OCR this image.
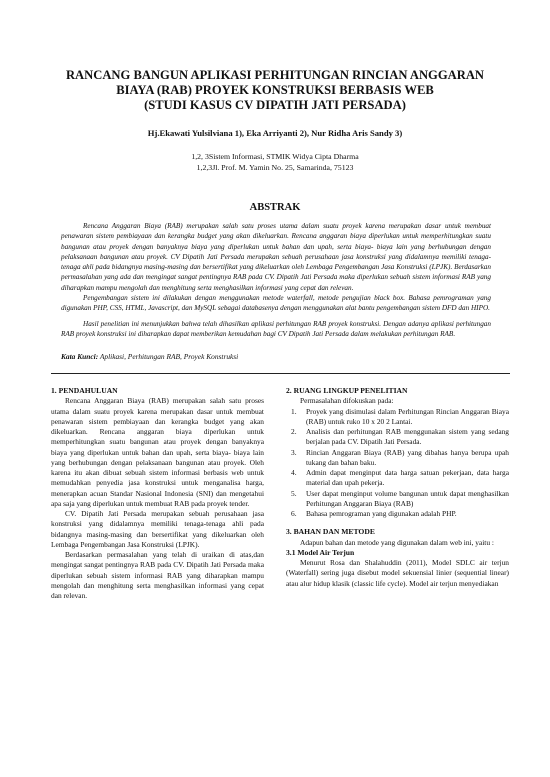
RANCANG BANGUN APLIKASI PERHITUNGAN RINCIAN ANGGARAN
BIAYA (RAB) PROYEK KONSTRUKSI BERBASIS WEB
(STUDI KASUS CV DIPATIH JATI PERSADA)
Hj.Ekawati Yulsilviana 1), Eka Arriyanti 2), Nur Ridha Aris Sandy 3)
1,2, 3Sistem Informasi, STMIK Widya Cipta Dharma
1,2,3Jl. Prof. M. Yamin No. 25, Samarinda, 75123
ABSTRAK

Rencana Anggaran Biaya (RAB) merupakan salah satu proses utama dalam suatu proyek karena merupakan dasar untuk membuat penawaran sistem pembiayaan dan kerangka budget yang akan dikeluarkan. Rencana anggaran biaya diperlukan untuk memperhitungkan suatu bangunan atau proyek dengan banyaknya biaya yang diperlukan untuk bahan dan upah, serta biaya- biaya lain yang berhubungan dengan pelaksanaan bangunan atau proyek. CV Dipatih Jati Persada merupakan sebuah perusahaan jasa konstruksi yang didalamnya memiliki tenaga-tenaga ahli pada bidangnya masing-masing dan bersertifikat yang dikeluarkan oleh Lembaga Pengembangan Jasa Konstruksi (LPJK). Berdasarkan permasalahan yang ada dan mengingat sangat pentingnya RAB pada CV. Dipatih Jati Persada maka diperlukan sebuah sistem informasi RAB yang diharapkan mampu mengolah dan menghitung serta menghasilkan informasi yang cepat dan relevan.

Pengembangan sistem ini dilakukan dengan menggunakan metode waterfall, metode pengujian black box. Bahasa pemrograman yang digunakan PHP, CSS, HTML, Javascript, dan MySQL sebagai databasenya dengan menggunakan alat bantu pengembangan sistem DFD dan HIPO.

Hasil penelitian ini menunjukkan bahwa telah dihasilkan aplikasi perhitungan RAB proyek konstruksi. Dengan adanya aplikasi perhitungan RAB proyek konstruksi ini diharapkan dapat memberikan kemudahan bagi CV Dipatih Jati Persada dalam melakukan perhitungan RAB.

Kata Kunci: Aplikasi, Perhitungan RAB, Proyek Konstruksi

1. PENDAHULUAN

Rencana Anggaran Biaya (RAB) merupakan salah satu proses utama dalam suatu proyek karena merupakan dasar untuk membuat penawaran sistem pembiayaan dan kerangka budget yang akan dikeluarkan. Rencana anggaran biaya diperlukan untuk memperhitungkan suatu bangunan atau proyek dengan banyaknya biaya yang diperlukan untuk bahan dan upah, serta biaya- biaya lain yang berhubungan dengan pelaksanaan bangunan atau proyek. Oleh karena itu akan dibuat sebuah sistem informasi berbasis web untuk memudahkan penyedia jasa konstruksi untuk menganalisa harga, menerapkan acuan Standar Nasional Indonesia (SNI) dan mengetahui apa saja yang diperlukan untuk membuat RAB pada proyek tender.

CV. Dipatih Jati Persada merupakan sebuah perusahaan jasa konstruksi yang didalamnya memiliki tenaga-tenaga ahli pada bidangnya masing-masing dan bersertifikat yang dikeluarkan oleh Lembaga Pengembangan Jasa Konstruksi (LPJK).

Berdasarkan permasalahan yang telah di uraikan di atas,dan mengingat sangat pentingnya RAB pada CV. Dipatih Jati Persada maka diperlukan sebuah sistem informasi RAB yang diharapkan mampu mengolah dan menghitung serta menghasilkan informasi yang cepat dan relevan.

2. RUANG LINGKUP PENELITIAN

Permasalahan difokuskan pada:

1. Proyek yang disimulasi dalam Perhitungan Rincian Anggaran Biaya (RAB) untuk ruko 10 x 20 2 Lantai.
2. Analisis dan perhitungan RAB menggunakan sistem yang sedang berjalan pada CV. Dipatih Jati Persada.
3. Rincian Anggaran Biaya (RAB) yang dibahas hanya berupa upah tukang dan bahan baku.
4. Admin dapat menginput data harga satuan pekerjaan, data harga material dan upah pekerja.
5. User dapat menginput volume bangunan untuk dapat menghasilkan Perhitungan Anggaran Biaya (RAB)
6. Bahasa pemrograman yang digunakan adalah PHP.

3. BAHAN DAN METODE

Adapun bahan dan metode yang digunakan dalam web ini, yaitu :

3.1 Model Air Terjun

Menurut Rosa dan Shalahuddin (2011), Model SDLC air terjun (Waterfall) sering juga disebut model sekuensial linier (sequential linear) atau alur hidup klasik (classic life cycle). Model air terjun menyediakan
